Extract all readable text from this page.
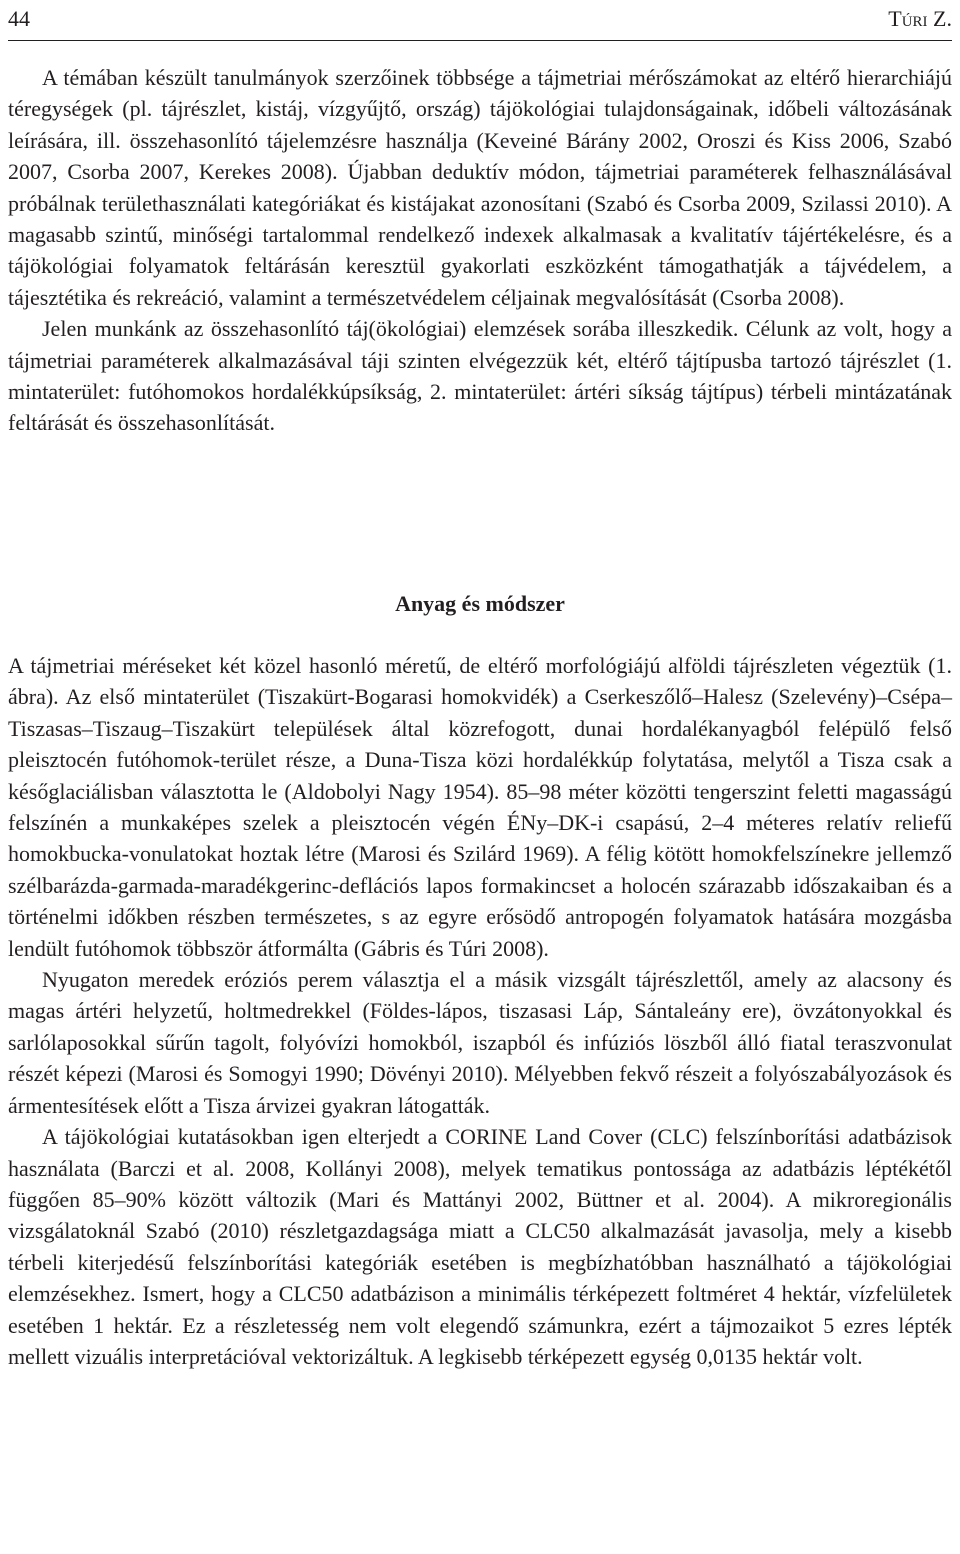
44	Túri Z.

A témában készült tanulmányok szerzőinek többsége a tájmetriai mérőszámokat az eltérő hierarchiájú téregységek (pl. tájrészlet, kistáj, vízgyűjtő, ország) tájökológiai tulajdonságainak, időbeli változásának leírására, ill. összehasonlító tájelemzésre használja (Keveiné Bárány 2002, Oroszi és Kiss 2006, Szabó 2007, Csorba 2007, Kerekes 2008). Újabban deduktív módon, tájmetriai paraméterek felhasználásával próbálnak területhasználati kategóriákat és kistájakat azonosítani (Szabó és Csorba 2009, Szilassi 2010). A magasabb szintű, minőségi tartalommal rendelkező indexek alkalmasak a kvalitatív tájértékelésre, és a tájökológiai folyamatok feltárásán keresztül gyakorlati eszközként támogathatják a tájvédelem, a tájesztétika és rekreáció, valamint a természetvédelem céljainak megvalósítását (Csorba 2008).

Jelen munkánk az összehasonlító táj(ökológiai) elemzések sorába illeszkedik. Célunk az volt, hogy a tájmetriai paraméterek alkalmazásával táji szinten elvégezzük két, eltérő tájtípusba tartozó tájrészlet (1. mintaterület: futóhomokos hordalékkúpsíkság, 2. mintaterület: ártéri síkság tájtípus) térbeli mintázatának feltárását és összehasonlítását.

Anyag és módszer

A tájmetriai méréseket két közel hasonló méretű, de eltérő morfológiájú alföldi tájrészleten végeztük (1. ábra). Az első mintaterület (Tiszakürt-Bogarasi homokvidék) a Cserkeszőlő–Halesz (Szelevény)–Csépa–Tiszasas–Tiszaug–Tiszakürt települések által közrefogott, dunai hordalékanyagból felépülő felső pleisztocén futóhomok-terület része, a Duna-Tisza közi hordalékkúp folytatása, melytől a Tisza csak a későglaciálisban választotta le (Aldobolyi Nagy 1954). 85–98 méter közötti tengerszint feletti magasságú felszínén a munkaképes szelek a pleisztocén végén ÉNy–DK-i csapású, 2–4 méteres relatív reliefű homokbucka-vonulatokat hoztak létre (Marosi és Szilárd 1969). A félig kötött homokfelszínekre jellemző szélbarázda-garmada-maradékgerinc-deflációs lapos formakincset a holocén szárazabb időszakaiban és a történelmi időkben részben természetes, s az egyre erősödő antropogén folyamatok hatására mozgásba lendült futóhomok többször átformálta (Gábris és Túri 2008).

Nyugaton meredek eróziós perem választja el a másik vizsgált tájrészlettől, amely az alacsony és magas ártéri helyzetű, holtmedrekkel (Földes-lápos, tiszasasi Láp, Sántaleány ere), övzátonyokkal és sarlólaposokkal sűrűn tagolt, folyóvízi homokból, iszapból és infúziós löszből álló fiatal teraszvonulat részét képezi (Marosi és Somogyi 1990; Dövényi 2010). Mélyebben fekvő részeit a folyószabályozások és ármentesítések előtt a Tisza árvizei gyakran látogatták.

A tájökológiai kutatásokban igen elterjedt a CORINE Land Cover (CLC) felszínborítási adatbázisok használata (Barczi et al. 2008, Kollányi 2008), melyek tematikus pontossága az adatbázis léptékétől függően 85–90% között változik (Mari és Mattányi 2002, Büttner et al. 2004). A mikroregionális vizsgálatoknál Szabó (2010) részletgazdagsága miatt a CLC50 alkalmazását javasolja, mely a kisebb térbeli kiterjedésű felszínborítási kategóriák esetében is megbízhatóbban használható a tájökológiai elemzésekhez. Ismert, hogy a CLC50 adatbázison a minimális térképezett foltméret 4 hektár, vízfelületek esetében 1 hektár. Ez a részletesség nem volt elegendő számunkra, ezért a tájmozaikot 5 ezres lépték mellett vizuális interpretációval vektorizáltuk. A legkisebb térképezett egység 0,0135 hektár volt.
